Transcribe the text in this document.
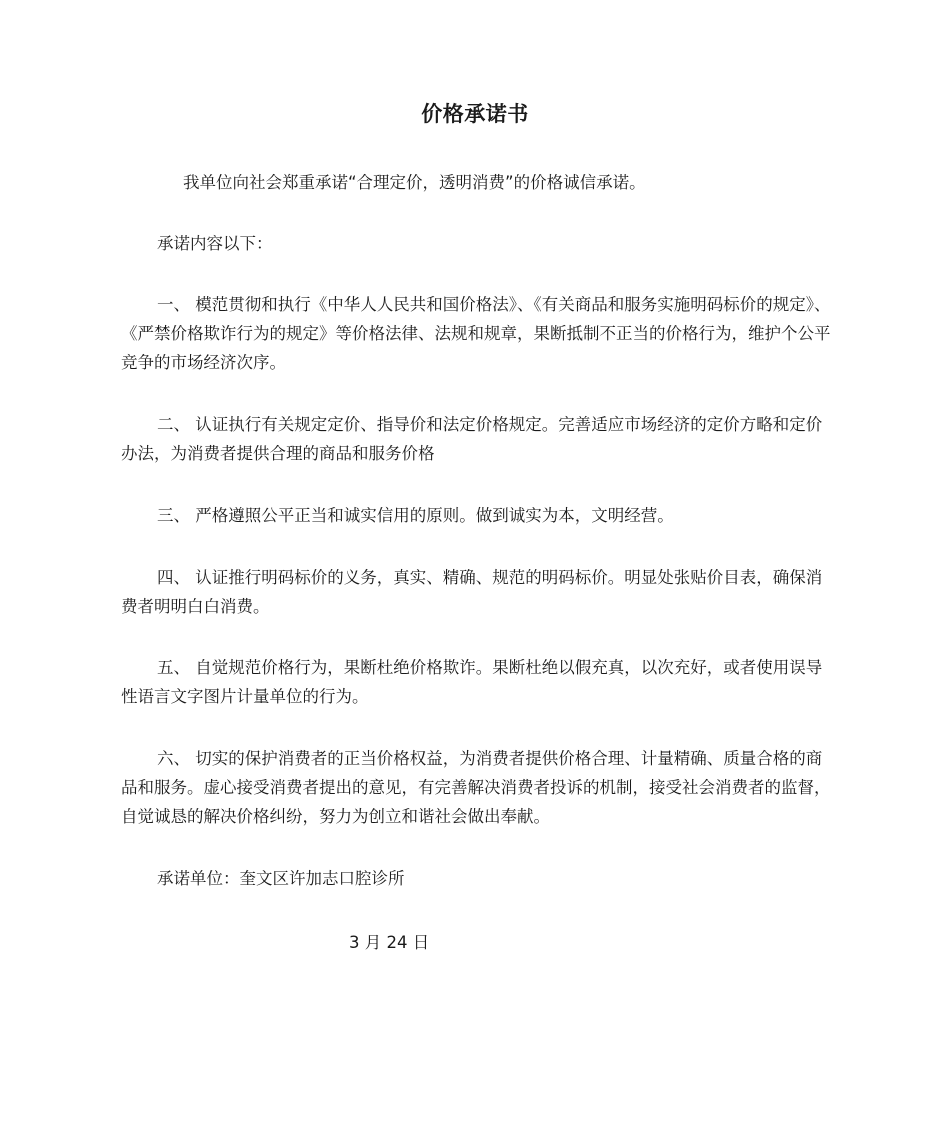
价格承诺书
我单位向社会郑重承诺“合理定价，透明消费”的价格诚信承诺。
承诺内容以下：
一、 模范贯彻和执行《中华人人民共和国价格法》、《有关商品和服务实施明码标价的规定》、《严禁价格欺诈行为的规定》等价格法律、法规和规章，果断抵制不正当的价格行为，维护个公平竞争的市场经济次序。
二、 认证执行有关规定定价、指导价和法定价格规定。完善适应市场经济的定价方略和定价办法，为消费者提供合理的商品和服务价格
三、 严格遵照公平正当和诚实信用的原则。做到诚实为本，文明经营。
四、 认证推行明码标价的义务，真实、精确、规范的明码标价。明显处张贴价目表，确保消费者明明白白消费。
五、 自觉规范价格行为，果断杜绝价格欺诈。果断杜绝以假充真，以次充好，或者使用误导性语言文字图片计量单位的行为。
六、 切实的保护消费者的正当价格权益，为消费者提供价格合理、计量精确、质量合格的商品和服务。虚心接受消费者提出的意见，有完善解决消费者投诉的机制，接受社会消费者的监督，自觉诚恳的解决价格纠纷，努力为创立和谐社会做出奉献。
承诺单位：奎文区许加志口腔诊所
3 月 24 日
